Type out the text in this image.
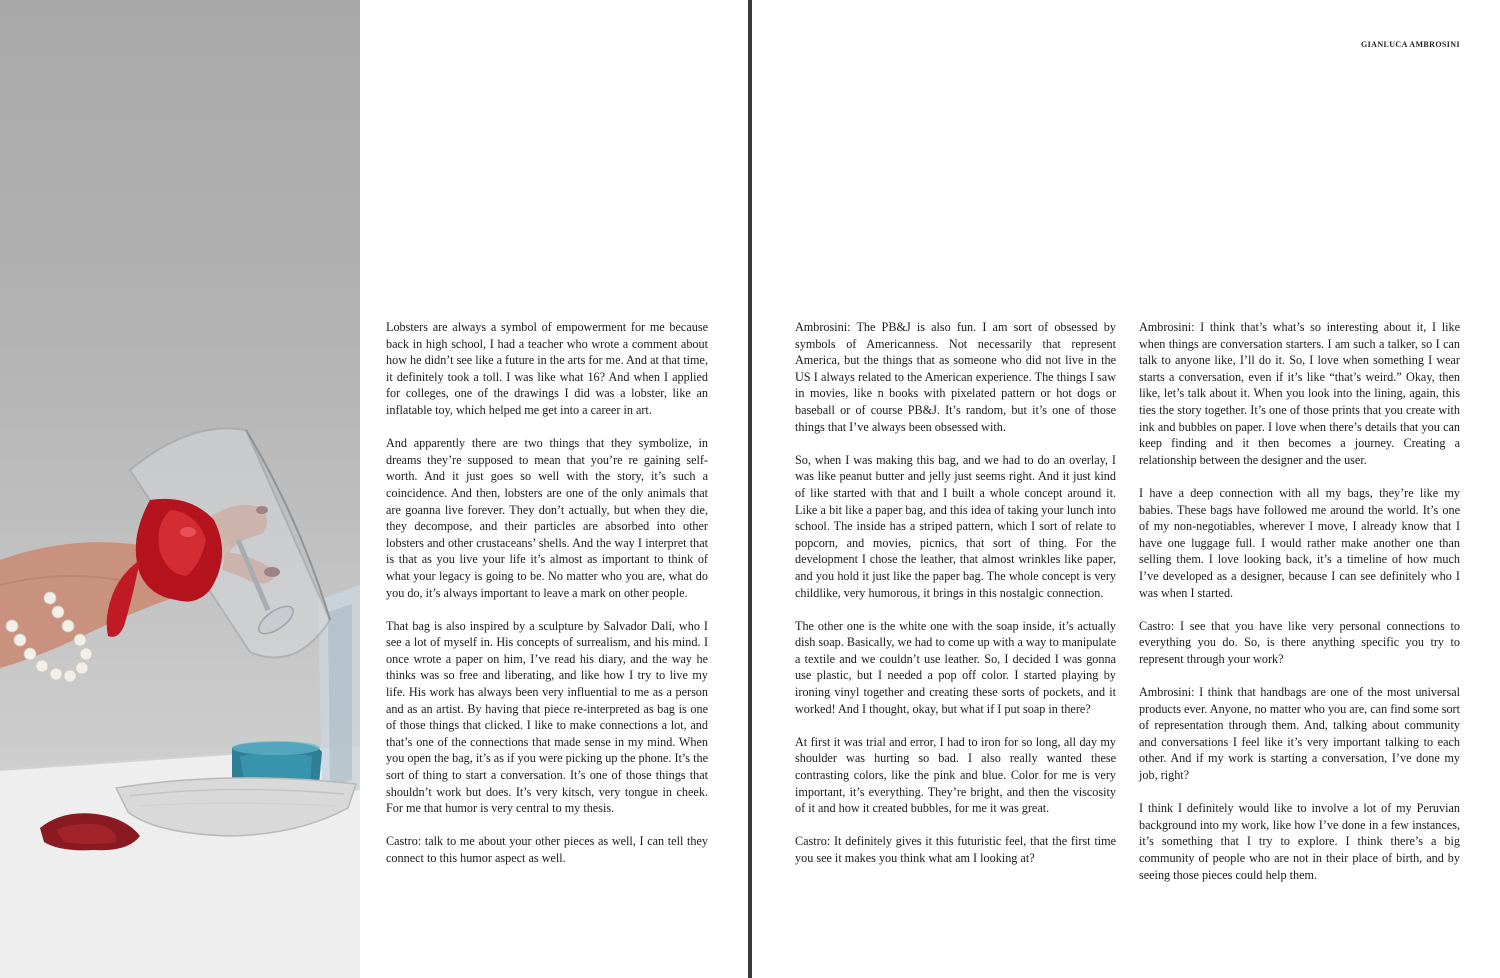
GIANLUCA AMBROSINI

Lobsters are always a symbol of empowerment for me because back in high school, I had a teacher who wrote a comment about how he didn’t see like a future in the arts for me. And at that time, it definitely took a toll. I was like what 16? And when I applied for colleges, one of the drawings I did was a lobster, like an inflatable toy, which helped me get into a career in art.

And apparently there are two things that they symbolize, in dreams they’re supposed to mean that you’re re gaining self-worth. And it just goes so well with the story, it’s such a coincidence. And then, lobsters are one of the only animals that are goanna live forever. They don’t actually, but when they die, they decompose, and their particles are absorbed into other lobsters and other crustaceans’ shells. And the way I interpret that is that as you live your life it’s almost as important to think of what your legacy is going to be. No matter who you are, what do you do, it’s always important to leave a mark on other people.

That bag is also inspired by a sculpture by Salvador Dalí, who I see a lot of myself in. His concepts of surrealism, and his mind. I once wrote a paper on him, I’ve read his diary, and the way he thinks was so free and liberating, and like how I try to live my life. His work has always been very influential to me as a person and as an artist. By having that piece re-interpreted as bag is one of those things that clicked. I like to make connections a lot, and that’s one of the connections that made sense in my mind. When you open the bag, it’s as if you were picking up the phone. It’s the sort of thing to start a conversation. It’s one of those things that shouldn’t work but does. It’s very kitsch, very tongue in cheek. For me that humor is very central to my thesis.

Castro: talk to me about your other pieces as well, I can tell they connect to this humor aspect as well.

Ambrosini: The PB&J is also fun. I am sort of obsessed by symbols of Americanness. Not necessarily that represent America, but the things that as someone who did not live in the US I always related to the American experience. The things I saw in movies, like n books with pixelated pattern or hot dogs or baseball or of course PB&J. It’s random, but it’s one of those things that I’ve always been obsessed with.

So, when I was making this bag, and we had to do an overlay, I was like peanut butter and jelly just seems right. And it just kind of like started with that and I built a whole concept around it. Like a bit like a paper bag, and this idea of taking your lunch into school. The inside has a striped pattern, which I sort of relate to popcorn, and movies, picnics, that sort of thing. For the development I chose the leather, that almost wrinkles like paper, and you hold it just like the paper bag. The whole concept is very childlike, very humorous, it brings in this nostalgic connection.

The other one is the white one with the soap inside, it’s actually dish soap. Basically, we had to come up with a way to manipulate a textile and we couldn’t use leather. So, I decided I was gonna use plastic, but I needed a pop off color. I started playing by ironing vinyl together and creating these sorts of pockets, and it worked! And I thought, okay, but what if I put soap in there?

At first it was trial and error, I had to iron for so long, all day my shoulder was hurting so bad. I also really wanted these contrasting colors, like the pink and blue. Color for me is very important, it’s everything. They’re bright, and then the viscosity of it and how it created bubbles, for me it was great.

Castro: It definitely gives it this futuristic feel, that the first time you see it makes you think what am I looking at?

Ambrosini: I think that’s what’s so interesting about it, I like when things are conversation starters. I am such a talker, so I can talk to anyone like, I’ll do it. So, I love when something I wear starts a conversation, even if it’s like “that’s weird.” Okay, then like, let’s talk about it. When you look into the lining, again, this ties the story together. It’s one of those prints that you create with ink and bubbles on paper. I love when there’s details that you can keep finding and it then becomes a journey. Creating a relationship between the designer and the user.

I have a deep connection with all my bags, they’re like my babies. These bags have followed me around the world. It’s one of my non-negotiables, wherever I move, I already know that I have one luggage full. I would rather make another one than selling them. I love looking back, it’s a timeline of how much I’ve developed as a designer, because I can see definitely who I was when I started.

Castro: I see that you have like very personal connections to everything you do. So, is there anything specific you try to represent through your work?

Ambrosini: I think that handbags are one of the most universal products ever. Anyone, no matter who you are, can find some sort of representation through them. And, talking about community and conversations I feel like it’s very important talking to each other. And if my work is starting a conversation, I’ve done my job, right?

I think I definitely would like to involve a lot of my Peruvian background into my work, like how I’ve done in a few instances, it’s something that I try to explore. I think there’s a big community of people who are not in their place of birth, and by seeing those pieces could help them.
